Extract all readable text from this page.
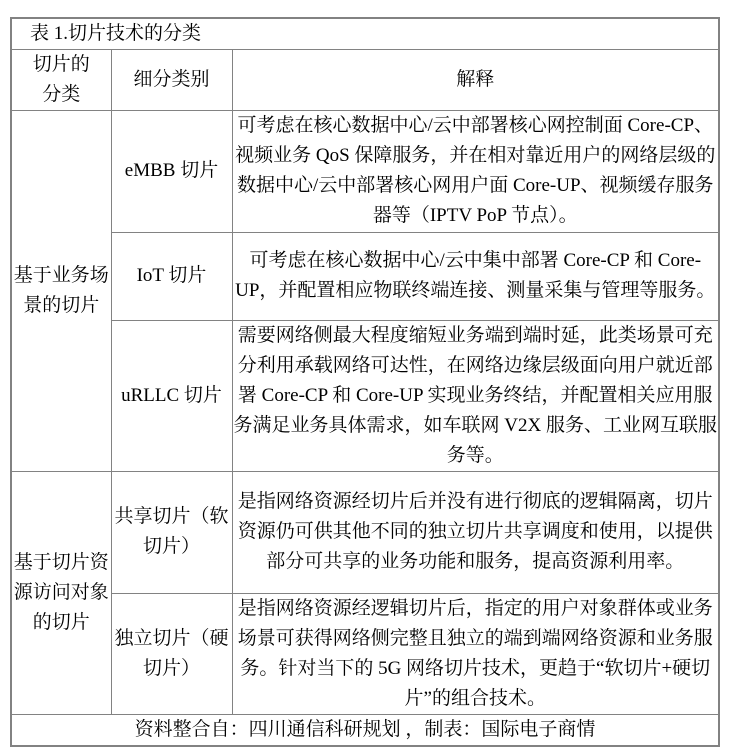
表 1.切片技术的分类		
切片的分类	细分类别	解释
基于业务场景的切片	eMBB 切片	可考虑在核心数据中心/云中部署核心网控制面 Core-CP、视频业务 QoS 保障服务，并在相对靠近用户的网络层级的数据中心/云中部署核心网用户面 Core-UP、视频缓存服务器等（IPTV PoP 节点）。
	IoT 切片	可考虑在核心数据中心/云中集中部署 Core-CP 和 Core-UP，并配置相应物联终端连接、测量采集与管理等服务。
	uRLLC 切片	需要网络侧最大程度缩短业务端到端时延，此类场景可充分利用承载网络可达性，在网络边缘层级面向用户就近部署 Core-CP 和 Core-UP 实现业务终结，并配置相关应用服务满足业务具体需求，如车联网 V2X 服务、工业网互联服务等。
基于切片资源访问对象的切片	共享切片（软切片）	是指网络资源经切片后并没有进行彻底的逻辑隔离，切片资源仍可供其他不同的独立切片共享调度和使用，以提供部分可共享的业务功能和服务，提高资源利用率。
	独立切片（硬切片）	是指网络资源经逻辑切片后，指定的用户对象群体或业务场景可获得网络侧完整且独立的端到端网络资源和业务服务。针对当下的 5G 网络切片技术，更趋于“软切片+硬切片”的组合技术。
资料整合自：四川通信科研规划 ，制表：国际电子商情		
